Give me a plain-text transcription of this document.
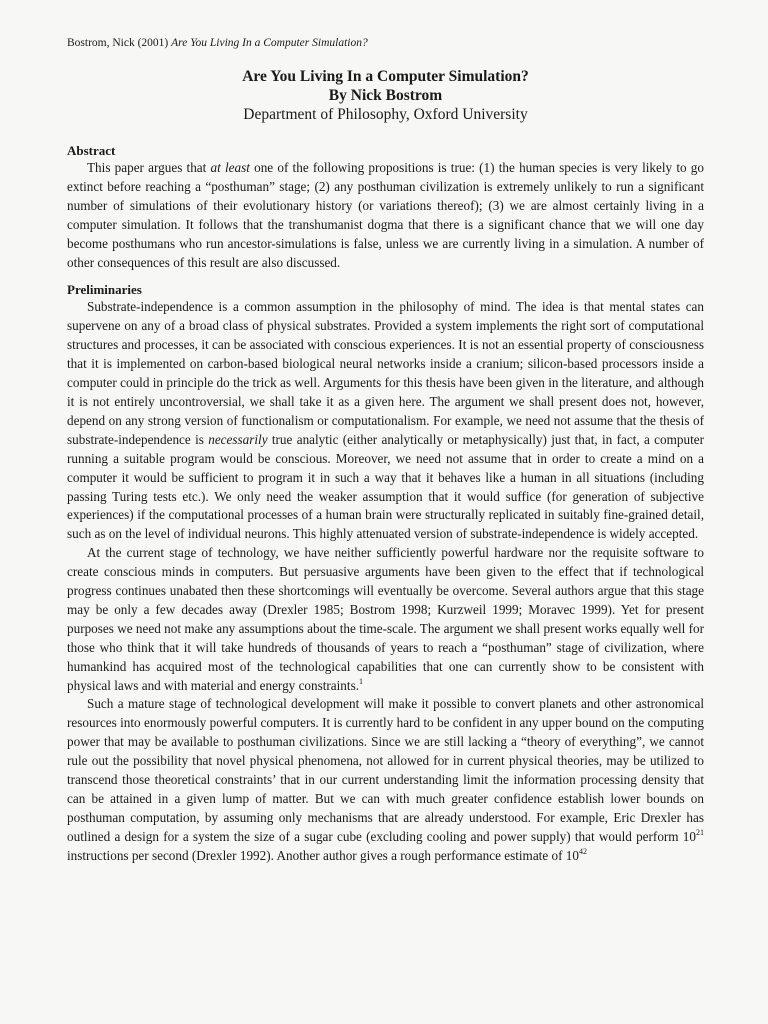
Bostrom, Nick (2001) Are You Living In a Computer Simulation?
Are You Living In a Computer Simulation?
By Nick Bostrom
Department of Philosophy, Oxford University
Abstract

This paper argues that at least one of the following propositions is true: (1) the human species is very likely to go extinct before reaching a “posthuman” stage; (2) any posthuman civilization is extremely unlikely to run a significant number of simulations of their evolutionary history (or variations thereof); (3) we are almost certainly living in a computer simulation. It follows that the transhumanist dogma that there is a significant chance that we will one day become posthumans who run ancestor-simulations is false, unless we are currently living in a simulation. A number of other consequences of this result are also discussed.

Preliminaries

Substrate-independence is a common assumption in the philosophy of mind. The idea is that mental states can supervene on any of a broad class of physical substrates. Provided a system implements the right sort of computational structures and processes, it can be associated with conscious experiences. It is not an essential property of consciousness that it is implemented on carbon-based biological neural networks inside a cranium; silicon-based processors inside a computer could in principle do the trick as well. Arguments for this thesis have been given in the literature, and although it is not entirely uncontroversial, we shall take it as a given here. The argument we shall present does not, however, depend on any strong version of functionalism or computationalism. For example, we need not assume that the thesis of substrate-independence is necessarily true analytic (either analytically or metaphysically) just that, in fact, a computer running a suitable program would be conscious. Moreover, we need not assume that in order to create a mind on a computer it would be sufficient to program it in such a way that it behaves like a human in all situations (including passing Turing tests etc.). We only need the weaker assumption that it would suffice (for generation of subjective experiences) if the computational processes of a human brain were structurally replicated in suitably fine-grained detail, such as on the level of individual neurons. This highly attenuated version of substrate-independence is widely accepted.

At the current stage of technology, we have neither sufficiently powerful hardware nor the requisite software to create conscious minds in computers. But persuasive arguments have been given to the effect that if technological progress continues unabated then these shortcomings will eventually be overcome. Several authors argue that this stage may be only a few decades away (Drexler 1985; Bostrom 1998; Kurzweil 1999; Moravec 1999). Yet for present purposes we need not make any assumptions about the time-scale. The argument we shall present works equally well for those who think that it will take hundreds of thousands of years to reach a “posthuman” stage of civilization, where humankind has acquired most of the technological capabilities that one can currently show to be consistent with physical laws and with material and energy constraints.$^1$

Such a mature stage of technological development will make it possible to convert planets and other astronomical resources into enormously powerful computers. It is currently hard to be confident in any upper bound on the computing power that may be available to posthuman civilizations. Since we are still lacking a “theory of everything”, we cannot rule out the possibility that novel physical phenomena, not allowed for in current physical theories, may be utilized to transcend those theoretical constraints’ that in our current understanding limit the information processing density that can be attained in a given lump of matter. But we can with much greater confidence establish lower bounds on posthuman computation, by assuming only mechanisms that are already understood. For example, Eric Drexler has outlined a design for a system the size of a sugar cube (excluding cooling and power supply) that would perform $10^{21}$ instructions per second (Drexler 1992). Another author gives a rough performance estimate of $10^{42}$
